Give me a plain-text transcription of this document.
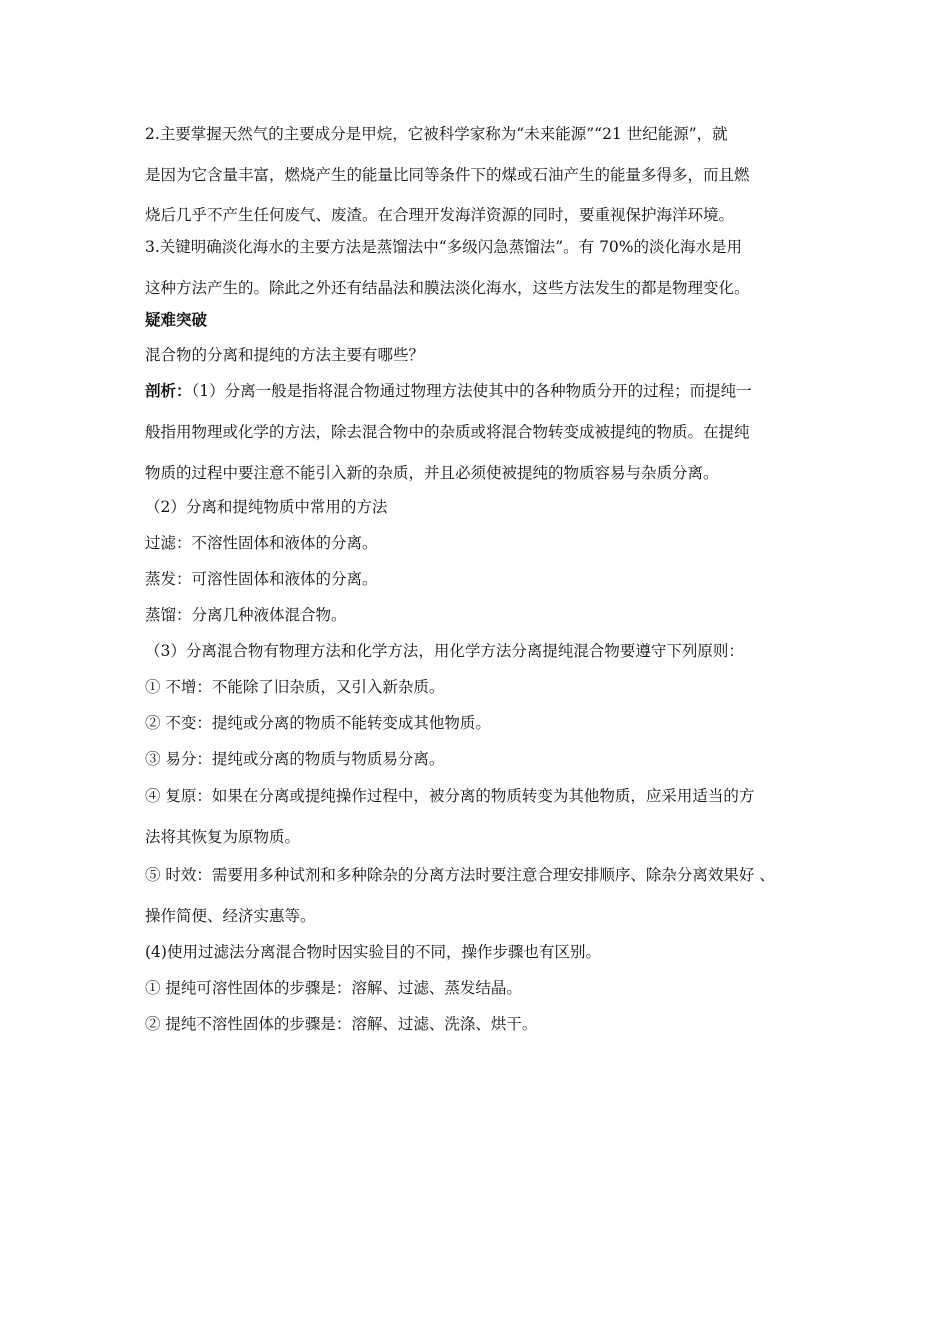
2.主要掌握天然气的主要成分是甲烷，它被科学家称为“未来能源”“21 世纪能源”，就
是因为它含量丰富，燃烧产生的能量比同等条件下的煤或石油产生的能量多得多，而且燃
烧后几乎不产生任何废气、废渣。在合理开发海洋资源的同时，要重视保护海洋环境。
3.关键明确淡化海水的主要方法是蒸馏法中“多级闪急蒸馏法”。有 70%的淡化海水是用
这种方法产生的。除此之外还有结晶法和膜法淡化海水，这些方法发生的都是物理变化。
疑难突破
混合物的分离和提纯的方法主要有哪些？
剖析：（1）分离一般是指将混合物通过物理方法使其中的各种物质分开的过程；而提纯一
般指用物理或化学的方法，除去混合物中的杂质或将混合物转变成被提纯的物质。在提纯
物质的过程中要注意不能引入新的杂质，并且必须使被提纯的物质容易与杂质分离。
（2）分离和提纯物质中常用的方法
过滤：不溶性固体和液体的分离。
蒸发：可溶性固体和液体的分离。
蒸馏：分离几种液体混合物。
（3）分离混合物有物理方法和化学方法，用化学方法分离提纯混合物要遵守下列原则：
① 不增：不能除了旧杂质，又引入新杂质。
② 不变：提纯或分离的物质不能转变成其他物质。
③ 易分：提纯或分离的物质与物质易分离。
④ 复原：如果在分离或提纯操作过程中，被分离的物质转变为其他物质，应采用适当的方
法将其恢复为原物质。
⑤ 时效：需要用多种试剂和多种除杂的分离方法时要注意合理安排顺序、除杂分离效果好 、
操作简便、经济实惠等。
(4)使用过滤法分离混合物时因实验目的不同，操作步骤也有区别。
① 提纯可溶性固体的步骤是：溶解、过滤、蒸发结晶。
② 提纯不溶性固体的步骤是：溶解、过滤、洗涤、烘干。
